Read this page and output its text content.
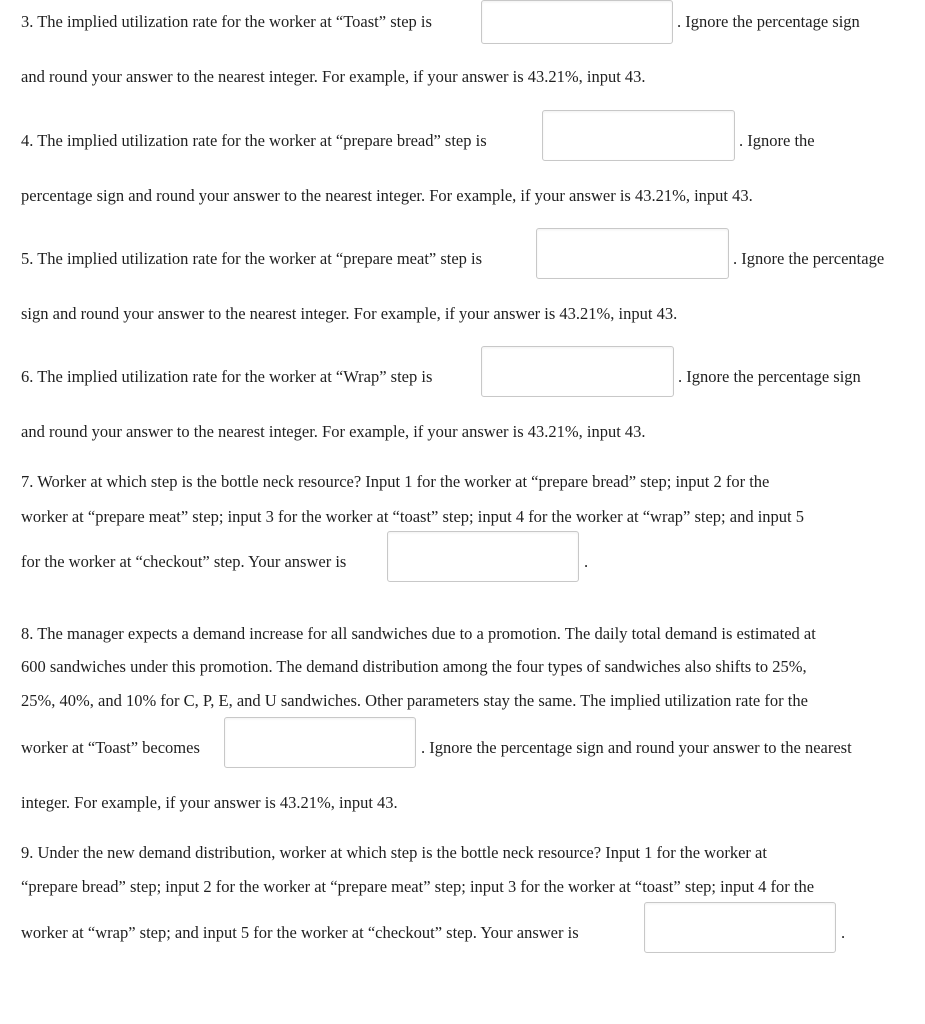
3. The implied utilization rate for the worker at “Toast” step is	. Ignore the percentage sign
and round your answer to the nearest integer. For example, if your answer is 43.21%, input 43.
4. The implied utilization rate for the worker at “prepare bread” step is	. Ignore the
percentage sign and round your answer to the nearest integer. For example, if your answer is 43.21%, input 43.
5. The implied utilization rate for the worker at “prepare meat” step is	. Ignore the percentage
sign and round your answer to the nearest integer. For example, if your answer is 43.21%, input 43.
6. The implied utilization rate for the worker at “Wrap” step is	. Ignore the percentage sign
and round your answer to the nearest integer. For example, if your answer is 43.21%, input 43.
7. Worker at which step is the bottle neck resource? Input 1 for the worker at “prepare bread” step; input 2 for the
worker at “prepare meat” step; input 3 for the worker at “toast” step; input 4 for the worker at “wrap” step; and input 5
for the worker at “checkout” step. Your answer is	.
8. The manager expects a demand increase for all sandwiches due to a promotion. The daily total demand is estimated at
600 sandwiches under this promotion. The demand distribution among the four types of sandwiches also shifts to 25%,
25%, 40%, and 10% for C, P, E, and U sandwiches. Other parameters stay the same. The implied utilization rate for the
worker at “Toast” becomes	. Ignore the percentage sign and round your answer to the nearest
integer. For example, if your answer is 43.21%, input 43.
9. Under the new demand distribution, worker at which step is the bottle neck resource? Input 1 for the worker at
“prepare bread” step; input 2 for the worker at “prepare meat” step; input 3 for the worker at “toast” step; input 4 for the
worker at “wrap” step; and input 5 for the worker at “checkout” step. Your answer is	.
